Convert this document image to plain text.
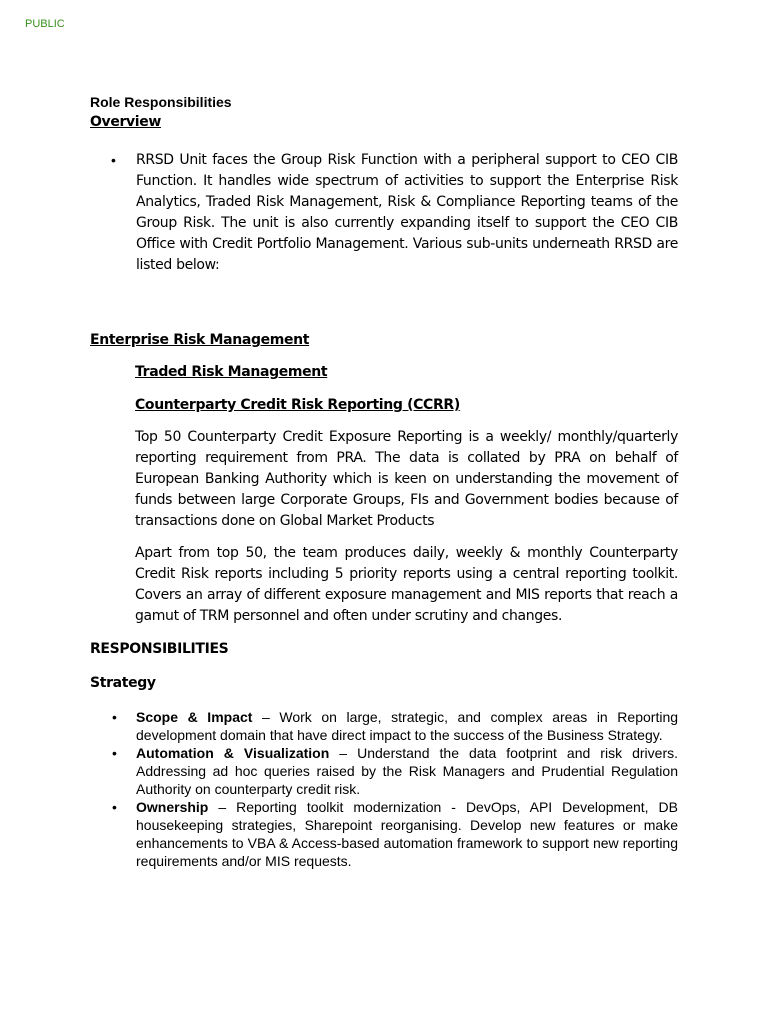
PUBLIC

Role Responsibilities

Overview

• RRSD Unit faces the Group Risk Function with a peripheral support to CEO CIB Function. It handles wide spectrum of activities to support the Enterprise Risk Analytics, Traded Risk Management, Risk & Compliance Reporting teams of the Group Risk. The unit is also currently expanding itself to support the CEO CIB Office with Credit Portfolio Management. Various sub-units underneath RRSD are listed below:

Enterprise Risk Management

Traded Risk Management

Counterparty Credit Risk Reporting (CCRR)

Top 50 Counterparty Credit Exposure Reporting is a weekly/ monthly/quarterly reporting requirement from PRA. The data is collated by PRA on behalf of European Banking Authority which is keen on understanding the movement of funds between large Corporate Groups, FIs and Government bodies because of transactions done on Global Market Products

Apart from top 50, the team produces daily, weekly & monthly Counterparty Credit Risk reports including 5 priority reports using a central reporting toolkit. Covers an array of different exposure management and MIS reports that reach a gamut of TRM personnel and often under scrutiny and changes.

RESPONSIBILITIES

Strategy

• Scope & Impact – Work on large, strategic, and complex areas in Reporting development domain that have direct impact to the success of the Business Strategy.
• Automation & Visualization – Understand the data footprint and risk drivers. Addressing ad hoc queries raised by the Risk Managers and Prudential Regulation Authority on counterparty credit risk.
• Ownership – Reporting toolkit modernization - DevOps, API Development, DB housekeeping strategies, Sharepoint reorganising. Develop new features or make enhancements to VBA & Access-based automation framework to support new reporting requirements and/or MIS requests.
